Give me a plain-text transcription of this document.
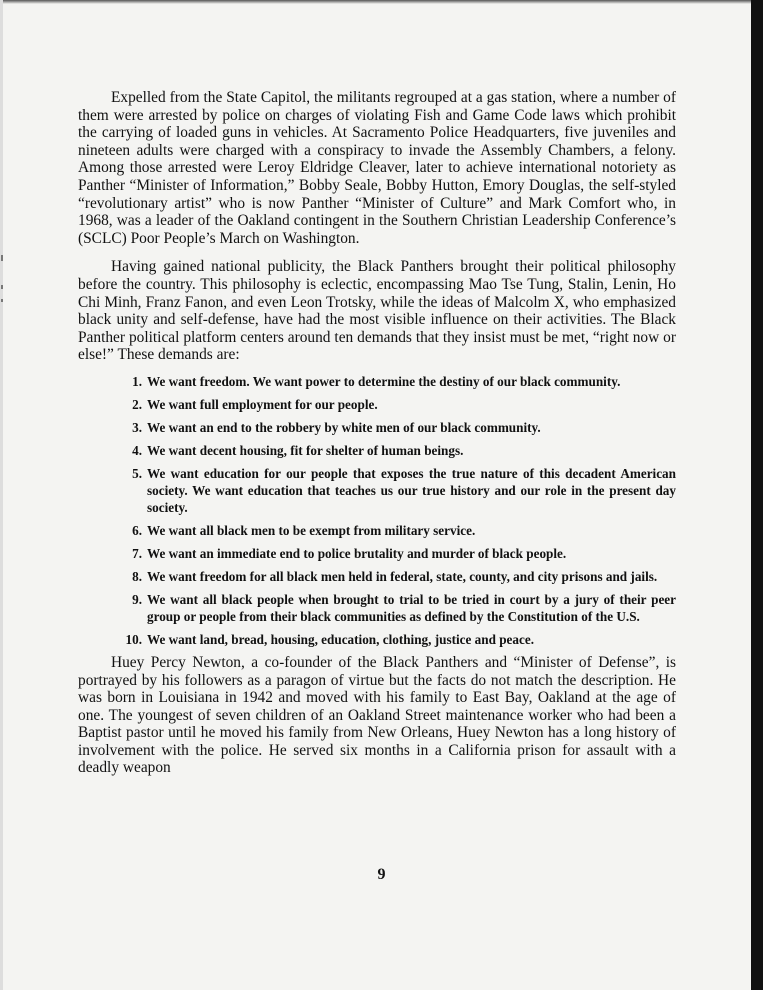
Expelled from the State Capitol, the militants regrouped at a gas station, where a number of them were arrested by police on charges of violating Fish and Game Code laws which prohibit the carrying of loaded guns in vehicles. At Sacramento Police Headquarters, five juveniles and nineteen adults were charged with a conspiracy to invade the Assembly Chambers, a felony. Among those arrested were Leroy Eldridge Cleaver, later to achieve international notoriety as Panther “Minister of Information,” Bobby Seale, Bobby Hutton, Emory Douglas, the self-styled “revolutionary artist” who is now Panther “Minister of Culture” and Mark Comfort who, in 1968, was a leader of the Oakland contingent in the Southern Christian Leadership Conference’s (SCLC) Poor People’s March on Washington.

Having gained national publicity, the Black Panthers brought their political philosophy before the country. This philosophy is eclectic, encompassing Mao Tse Tung, Stalin, Lenin, Ho Chi Minh, Franz Fanon, and even Leon Trotsky, while the ideas of Malcolm X, who emphasized black unity and self-defense, have had the most visible influence on their activities. The Black Panther political platform centers around ten demands that they insist must be met, “right now or else!” These demands are:

1. We want freedom. We want power to determine the destiny of our black community.
2. We want full employment for our people.
3. We want an end to the robbery by white men of our black community.
4. We want decent housing, fit for shelter of human beings.
5. We want education for our people that exposes the true nature of this decadent American society. We want education that teaches us our true history and our role in the present day society.
6. We want all black men to be exempt from military service.
7. We want an immediate end to police brutality and murder of black people.
8. We want freedom for all black men held in federal, state, county, and city prisons and jails.
9. We want all black people when brought to trial to be tried in court by a jury of their peer group or people from their black communities as defined by the Constitution of the U.S.
10. We want land, bread, housing, education, clothing, justice and peace.

Huey Percy Newton, a co-founder of the Black Panthers and “Minister of Defense”, is portrayed by his followers as a paragon of virtue but the facts do not match the description. He was born in Louisiana in 1942 and moved with his family to East Bay, Oakland at the age of one. The youngest of seven children of an Oakland Street maintenance worker who had been a Baptist pastor until he moved his family from New Orleans, Huey Newton has a long history of involvement with the police. He served six months in a California prison for assault with a deadly weapon

9
